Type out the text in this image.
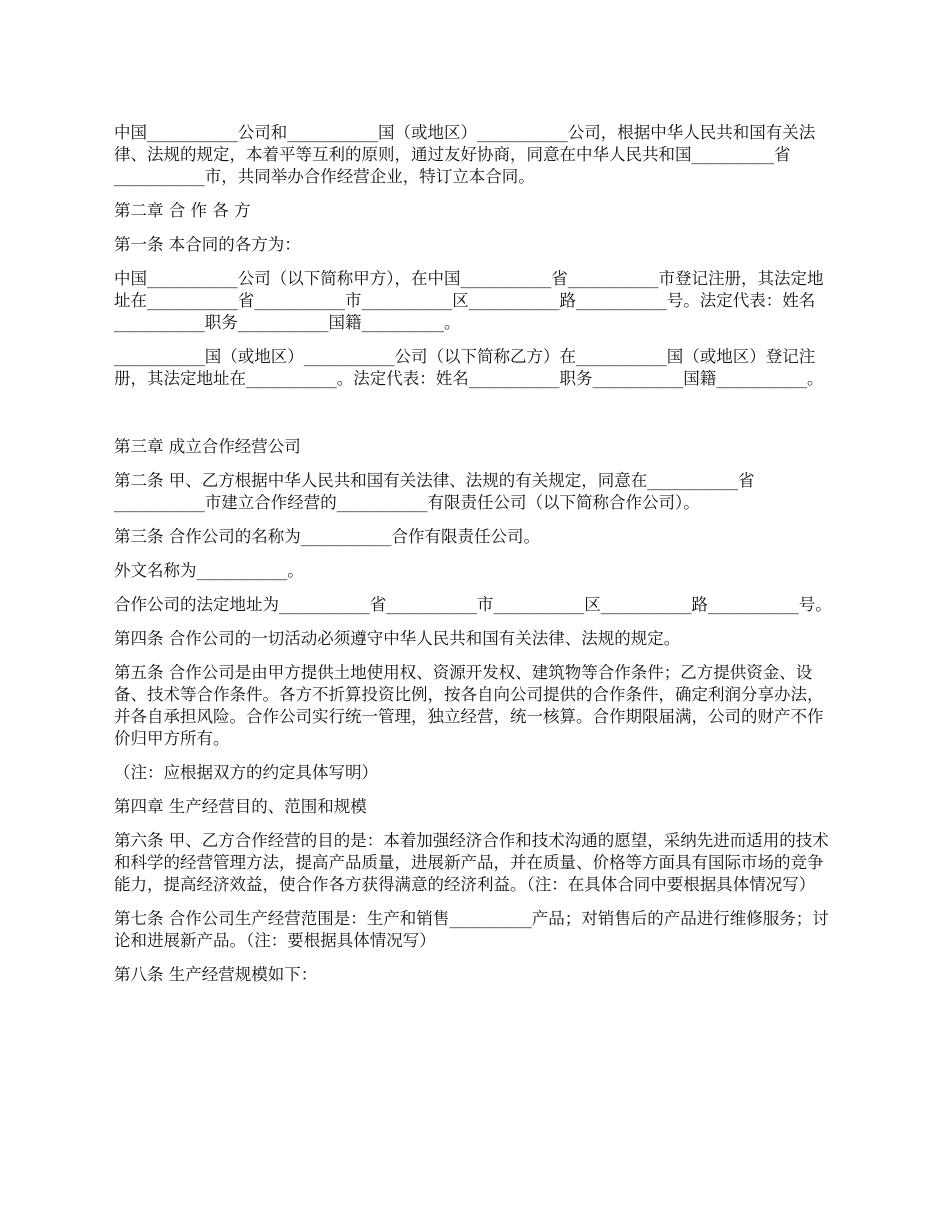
中国___________公司和___________国（或地区）___________公司，根据中华人民共和国有关法律、法规的规定，本着平等互利的原则，通过友好协商，同意在中华人民共和国__________省___________市，共同举办合作经营企业，特订立本合同。

第二章 合 作 各 方

第一条 本合同的各方为：

中国___________公司（以下简称甲方），在中国___________省___________市登记注册，其法定地址在___________省___________市___________区___________路___________号。法定代表：姓名___________职务___________国籍__________。

___________国（或地区）___________公司（以下简称乙方）在___________国（或地区）登记注册，其法定地址在___________。法定代表：姓名___________职务___________国籍___________。

第三章 成立合作经营公司

第二条 甲、乙方根据中华人民共和国有关法律、法规的有关规定，同意在___________省___________市建立合作经营的___________有限责任公司（以下简称合作公司）。

第三条 合作公司的名称为___________合作有限责任公司。

外文名称为___________。

合作公司的法定地址为___________省___________市___________区___________路___________号。

第四条 合作公司的一切活动必须遵守中华人民共和国有关法律、法规的规定。

第五条 合作公司是由甲方提供土地使用权、资源开发权、建筑物等合作条件；乙方提供资金、设备、技术等合作条件。各方不折算投资比例，按各自向公司提供的合作条件，确定利润分享办法，并各自承担风险。合作公司实行统一管理，独立经营，统一核算。合作期限届满，公司的财产不作价归甲方所有。

（注：应根据双方的约定具体写明）

第四章 生产经营目的、范围和规模

第六条 甲、乙方合作经营的目的是：本着加强经济合作和技术沟通的愿望，采纳先进而适用的技术和科学的经营管理方法，提高产品质量，进展新产品，并在质量、价格等方面具有国际市场的竞争能力，提高经济效益，使合作各方获得满意的经济利益。（注：在具体合同中要根据具体情况写）

第七条 合作公司生产经营范围是：生产和销售__________产品；对销售后的产品进行维修服务；讨论和进展新产品。（注：要根据具体情况写）

第八条 生产经营规模如下：
